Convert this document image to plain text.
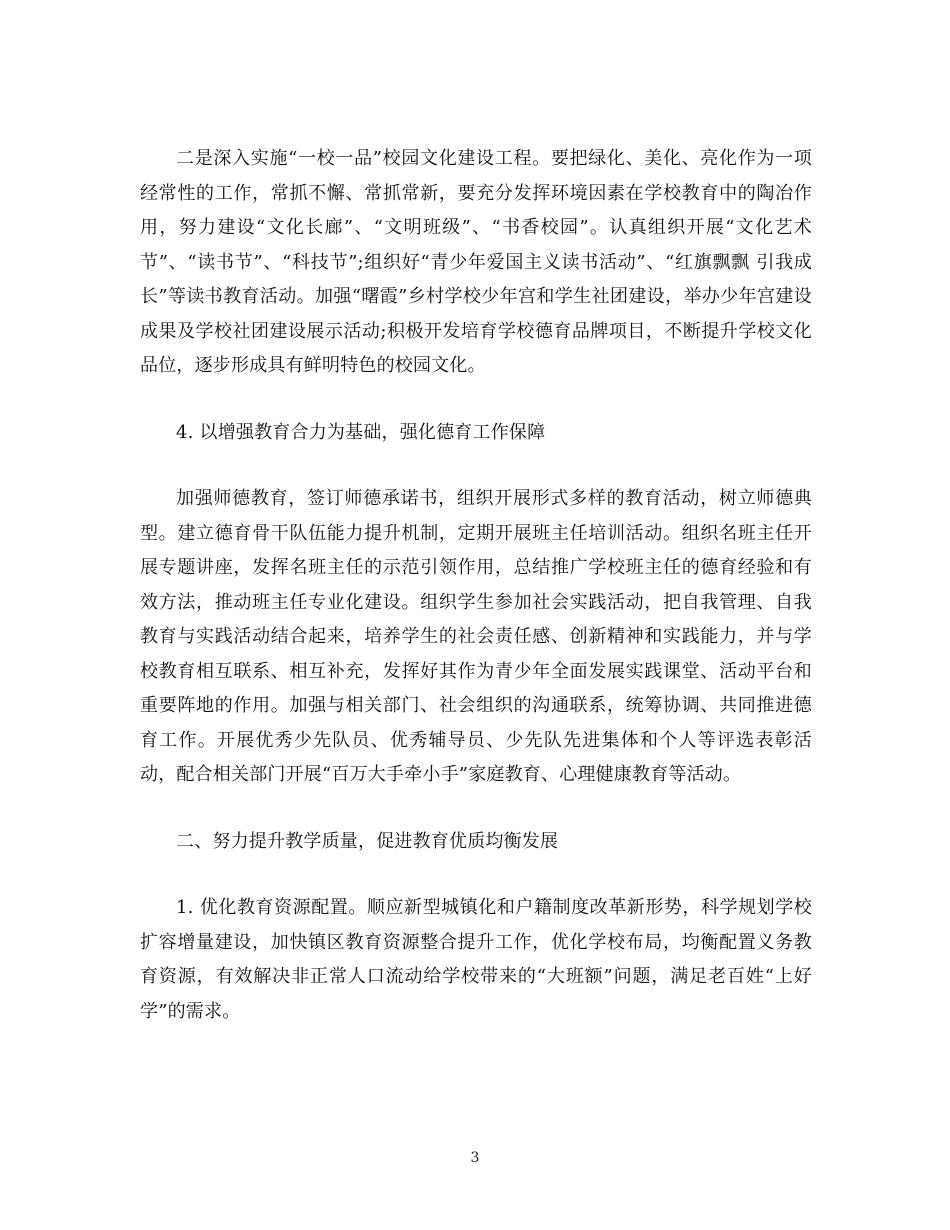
二是深入实施“一校一品”校园文化建设工程。要把绿化、美化、亮化作为一项经常性的工作，常抓不懈、常抓常新，要充分发挥环境因素在学校教育中的陶冶作用，努力建设“文化长廊”、“文明班级”、“书香校园”。认真组织开展“文化艺术节”、“读书节”、“科技节”;组织好“青少年爱国主义读书活动”、“红旗飘飘 引我成长”等读书教育活动。加强“曙霞”乡村学校少年宫和学生社团建设，举办少年宫建设成果及学校社团建设展示活动;积极开发培育学校德育品牌项目，不断提升学校文化品位，逐步形成具有鲜明特色的校园文化。

4. 以增强教育合力为基础，强化德育工作保障

加强师德教育，签订师德承诺书，组织开展形式多样的教育活动，树立师德典型。建立德育骨干队伍能力提升机制，定期开展班主任培训活动。组织名班主任开展专题讲座，发挥名班主任的示范引领作用，总结推广学校班主任的德育经验和有效方法，推动班主任专业化建设。组织学生参加社会实践活动，把自我管理、自我教育与实践活动结合起来，培养学生的社会责任感、创新精神和实践能力，并与学校教育相互联系、相互补充，发挥好其作为青少年全面发展实践课堂、活动平台和重要阵地的作用。加强与相关部门、社会组织的沟通联系，统筹协调、共同推进德育工作。开展优秀少先队员、优秀辅导员、少先队先进集体和个人等评选表彰活动，配合相关部门开展“百万大手牵小手”家庭教育、心理健康教育等活动。

二、努力提升教学质量，促进教育优质均衡发展

1. 优化教育资源配置。顺应新型城镇化和户籍制度改革新形势，科学规划学校扩容增量建设，加快镇区教育资源整合提升工作，优化学校布局，均衡配置义务教育资源，有效解决非正常人口流动给学校带来的“大班额”问题，满足老百姓“上好学”的需求。

3
